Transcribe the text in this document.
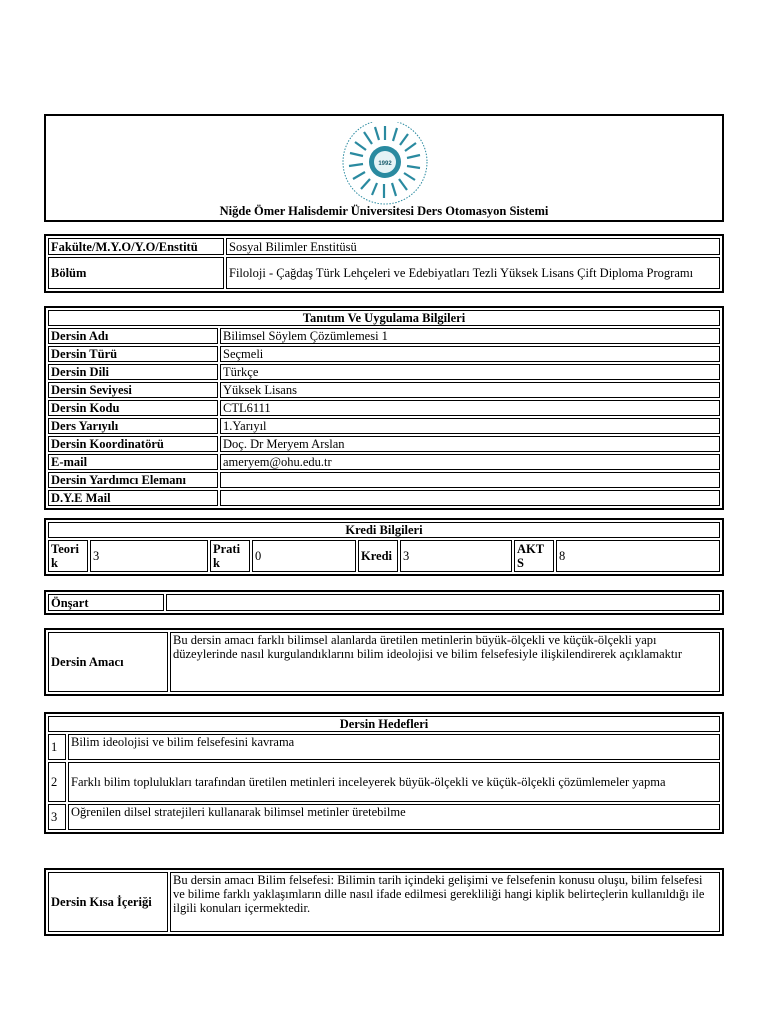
1992
Niğde Ömer Halisdemir Üniversitesi Ders Otomasyon Sistemi
Fakülte/M.Y.O/Y.O/Enstitü	Sosyal Bilimler Enstitüsü
Bölüm	Filoloji - Çağdaş Türk Lehçeleri ve Edebiyatları Tezli Yüksek Lisans Çift Diploma Programı
Tanıtım Ve Uygulama Bilgileri	
Dersin Adı	Bilimsel Söylem Çözümlemesi 1
Dersin Türü	Seçmeli
Dersin Dili	Türkçe
Dersin Seviyesi	Yüksek Lisans
Dersin Kodu	CTL6111
Ders Yarıyılı	1.Yarıyıl
Dersin Koordinatörü	Doç. Dr Meryem Arslan
E-mail	ameryem@ohu.edu.tr
Dersin Yardımcı Elemanı	
D.Y.E Mail	
Kredi Bilgileri
Teorik	3	Pratik	0	Kredi	3	AKTS	8
Önşart	
Dersin Amacı	Bu dersin amacı farklı bilimsel alanlarda üretilen metinlerin büyük-ölçekli ve küçük-ölçekli yapı düzeylerinde nasıl kurgulandıklarını bilim ideolojisi ve bilim felsefesiyle ilişkilendirerek açıklamaktır
Dersin Hedefleri	
1	Bilim ideolojisi ve bilim felsefesini kavrama
2	Farklı bilim toplulukları tarafından üretilen metinleri inceleyerek büyük-ölçekli ve küçük-ölçekli çözümlemeler yapma
3	Oğrenilen dilsel stratejileri kullanarak bilimsel metinler üretebilme
Dersin Kısa İçeriği	Bu dersin amacı Bilim felsefesi: Bilimin tarih içindeki gelişimi ve felsefenin konusu oluşu, bilim felsefesi ve bilime farklı yaklaşımların dille nasıl ifade edilmesi gerekliliği hangi kiplik belirteçlerin kullanıldığı ile ilgili konuları içermektedir.
